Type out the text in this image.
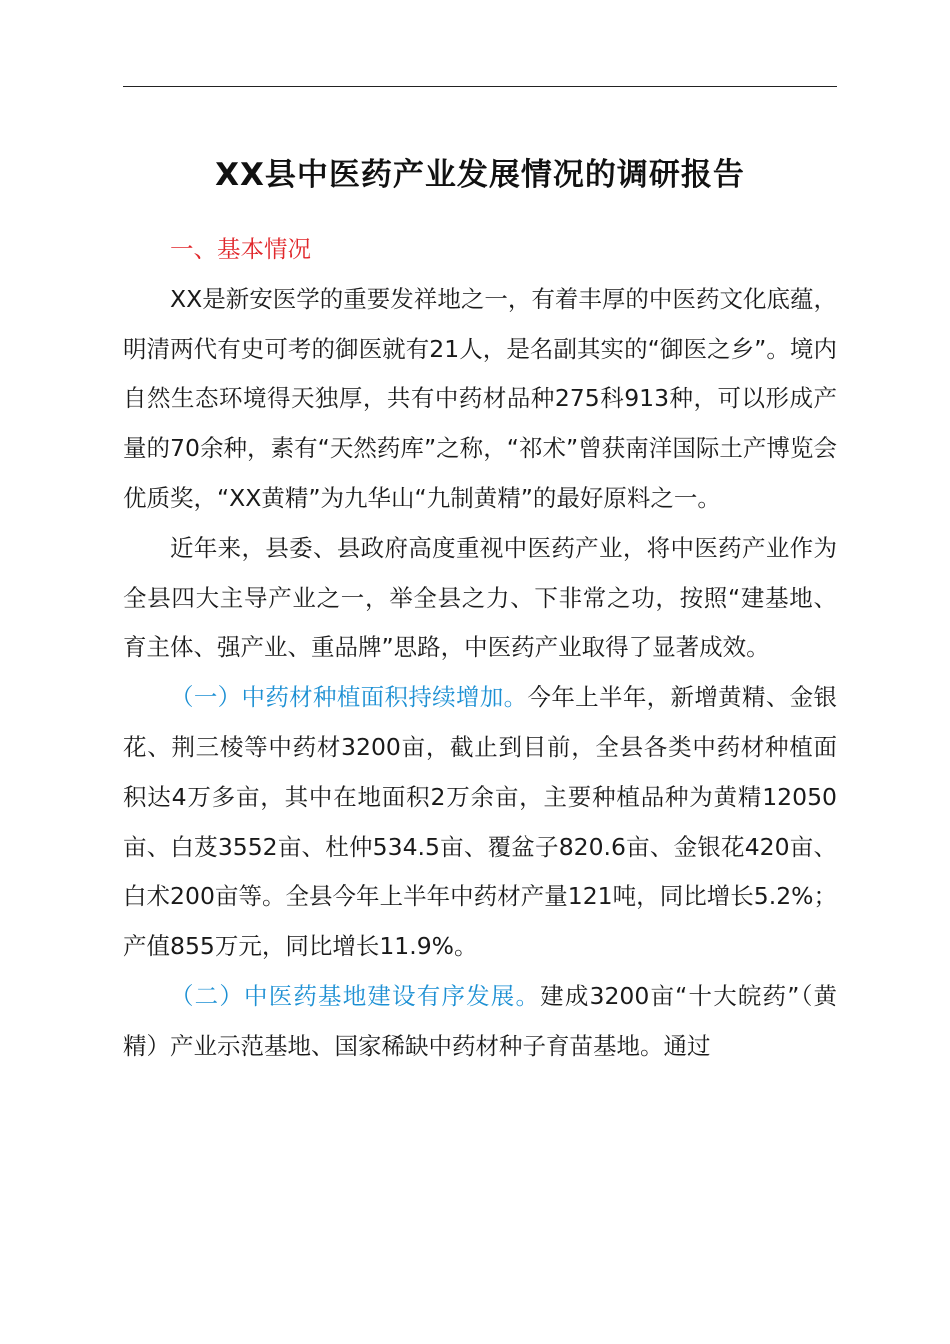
XX县中医药产业发展情况的调研报告

一、基本情况

XX是新安医学的重要发祥地之一，有着丰厚的中医药文化底蕴，明清两代有史可考的御医就有21人，是名副其实的“御医之乡”。境内自然生态环境得天独厚，共有中药材品种275科913种，可以形成产量的70余种，素有“天然药库”之称，“祁术”曾获南洋国际土产博览会优质奖，“XX黄精”为九华山“九制黄精”的最好原料之一。

近年来，县委、县政府高度重视中医药产业，将中医药产业作为全县四大主导产业之一，举全县之力、下非常之功，按照“建基地、育主体、强产业、重品牌”思路，中医药产业取得了显著成效。

（一）中药材种植面积持续增加。今年上半年，新增黄精、金银花、荆三棱等中药材3200亩，截止到目前，全县各类中药材种植面积达4万多亩，其中在地面积2万余亩，主要种植品种为黄精12050亩、白芨3552亩、杜仲534.5亩、覆盆子820.6亩、金银花420亩、白术200亩等。全县今年上半年中药材产量121吨，同比增长5.2%；产值855万元，同比增长11.9%。

（二）中医药基地建设有序发展。建成3200亩“十大皖药”（黄精）产业示范基地、国家稀缺中药材种子育苗基地。通过
